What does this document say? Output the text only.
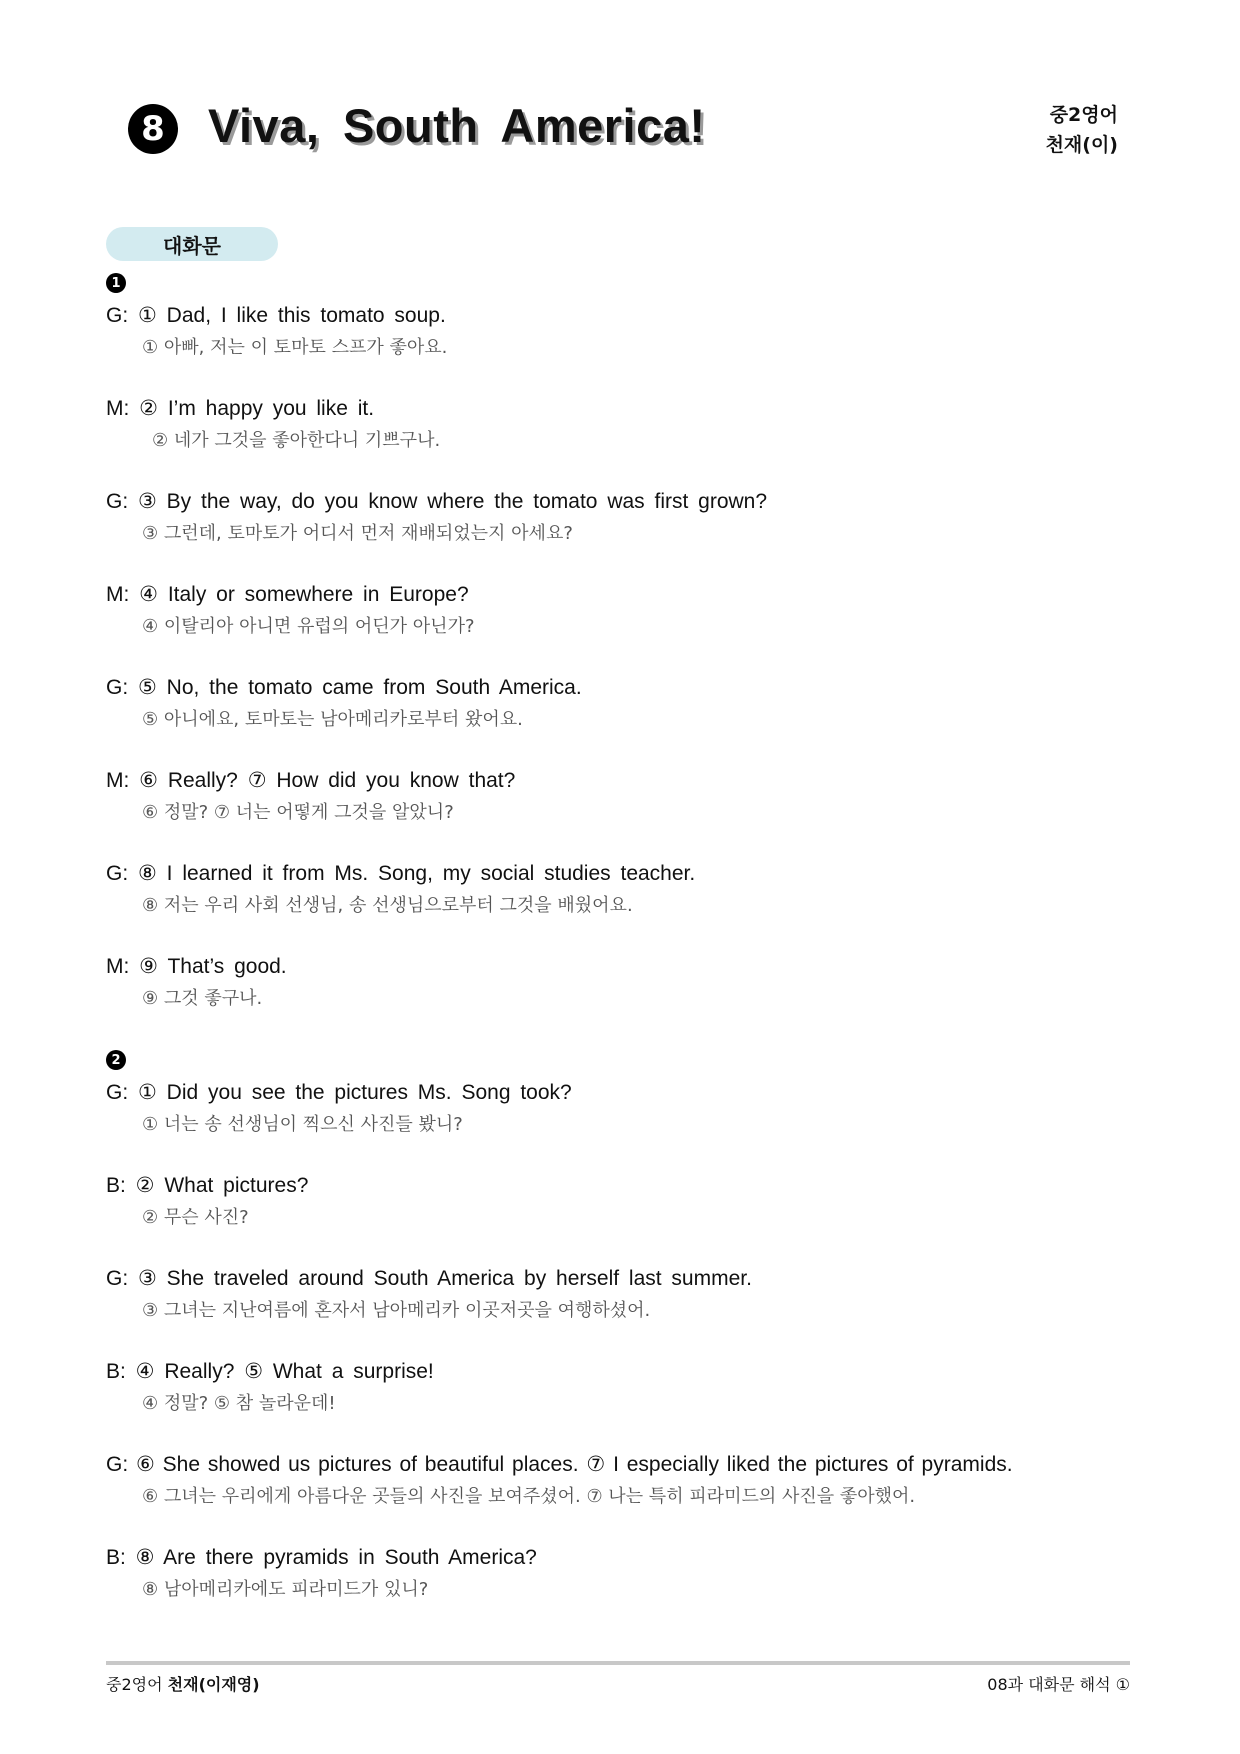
8 Viva, South America!	중2영어
천재(이)
대화문
1
G: ① Dad, I like this tomato soup.
① 아빠, 저는 이 토마토 스프가 좋아요.
M: ② I’m happy you like it.
② 네가 그것을 좋아한다니 기쁘구나.
G: ③ By the way, do you know where the tomato was first grown?
③ 그런데, 토마토가 어디서 먼저 재배되었는지 아세요?
M: ④ Italy or somewhere in Europe?
④ 이탈리아 아니면 유럽의 어딘가 아닌가?
G: ⑤ No, the tomato came from South America.
⑤ 아니에요, 토마토는 남아메리카로부터 왔어요.
M: ⑥ Really? ⑦ How did you know that?
⑥ 정말? ⑦ 너는 어떻게 그것을 알았니?
G: ⑧ I learned it from Ms. Song, my social studies teacher.
⑧ 저는 우리 사회 선생님, 송 선생님으로부터 그것을 배웠어요.
M: ⑨ That’s good.
⑨ 그것 좋구나.
2
G: ① Did you see the pictures Ms. Song took?
① 너는 송 선생님이 찍으신 사진들 봤니?
B: ② What pictures?
② 무슨 사진?
G: ③ She traveled around South America by herself last summer.
③ 그녀는 지난여름에 혼자서 남아메리카 이곳저곳을 여행하셨어.
B: ④ Really? ⑤ What a surprise!
④ 정말? ⑤ 참 놀라운데!
G: ⑥ She showed us pictures of beautiful places. ⑦ I especially liked the pictures of pyramids.
⑥ 그녀는 우리에게 아름다운 곳들의 사진을 보여주셨어. ⑦ 나는 특히 피라미드의 사진을 좋아했어.
B: ⑧ Are there pyramids in South America?
⑧ 남아메리카에도 피라미드가 있니?
중2영어 천재(이재영)	08과 대화문 해석 ①
